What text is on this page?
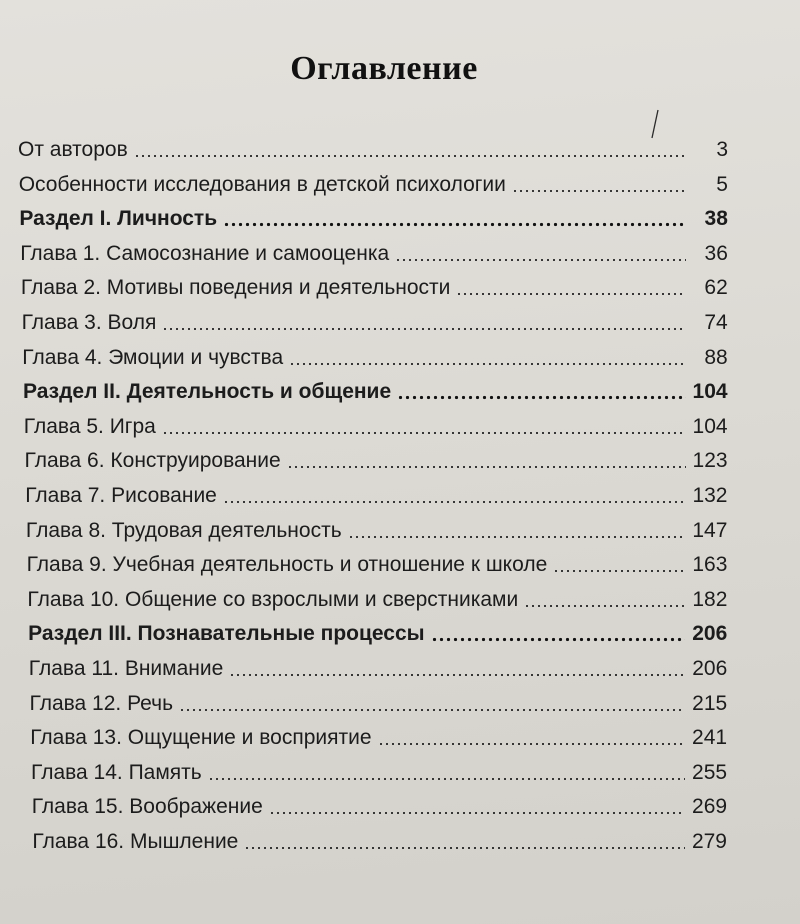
Оглавление
От авторов	3
Особенности исследования в детской психологии	5
Раздел I. Личность	38
Глава 1. Самосознание и самооценка	36
Глава 2. Мотивы поведения и деятельности	62
Глава 3. Воля	74
Глава 4. Эмоции и чувства	88
Раздел II. Деятельность и общение	104
Глава 5. Игра	104
Глава 6. Конструирование	123
Глава 7. Рисование	132
Глава 8. Трудовая деятельность	147
Глава 9. Учебная деятельность и отношение к школе	163
Глава 10. Общение со взрослыми и сверстниками	182
Раздел III. Познавательные процессы	206
Глава 11. Внимание	206
Глава 12. Речь	215
Глава 13. Ощущение и восприятие	241
Глава 14. Память	255
Глава 15. Воображение	269
Глава 16. Мышление	279
